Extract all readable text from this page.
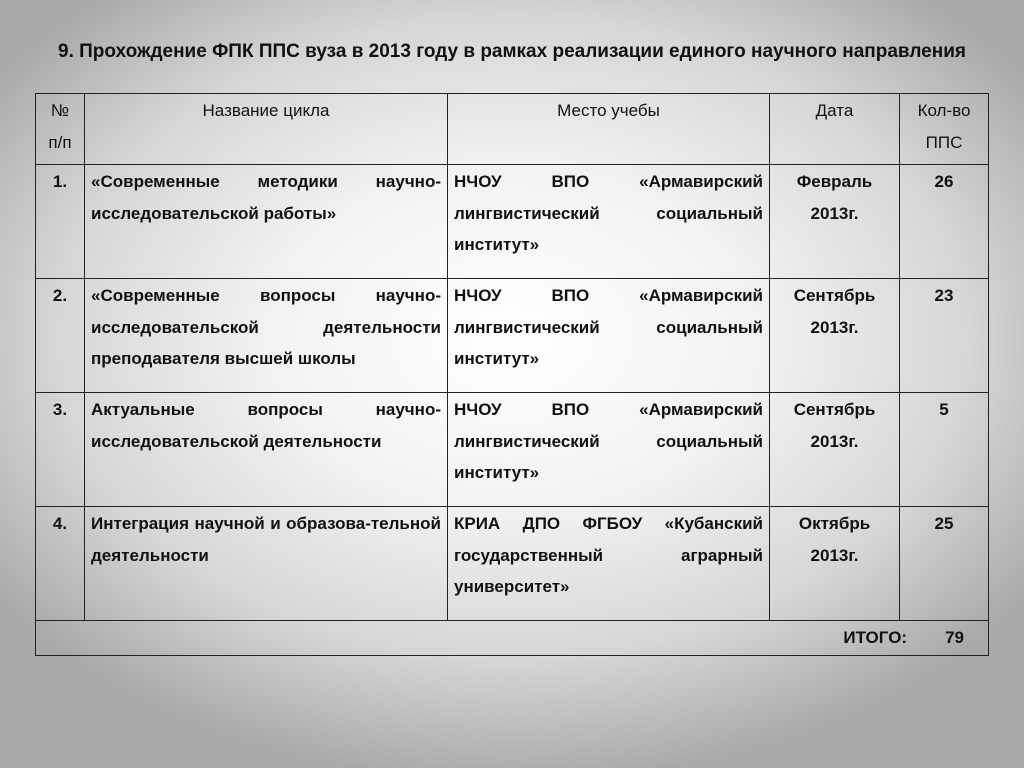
9. Прохождение ФПК ППС вуза в 2013 году в рамках реализации единого научного направления
№ п/п	Название цикла	Место учебы	Дата	Кол-во ППС
1.	«Современные методики научно-исследовательской работы»	НЧОУ ВПО «Армавирский лингвистический социальный институт»	Февраль 2013г.	26
2.	«Современные вопросы научно-исследовательской деятельности преподавателя высшей школы	НЧОУ ВПО «Армавирский лингвистический социальный институт»	Сентябрь 2013г.	23
3.	Актуальные вопросы научно-исследовательской деятельности	НЧОУ ВПО «Армавирский лингвистический социальный институт»	Сентябрь 2013г.	5
4.	Интеграция научной и образова-тельной деятельности	КРИА ДПО ФГБОУ «Кубанский государственный аграрный университет»	Октябрь 2013г.	25
ИТОГО: 79				
